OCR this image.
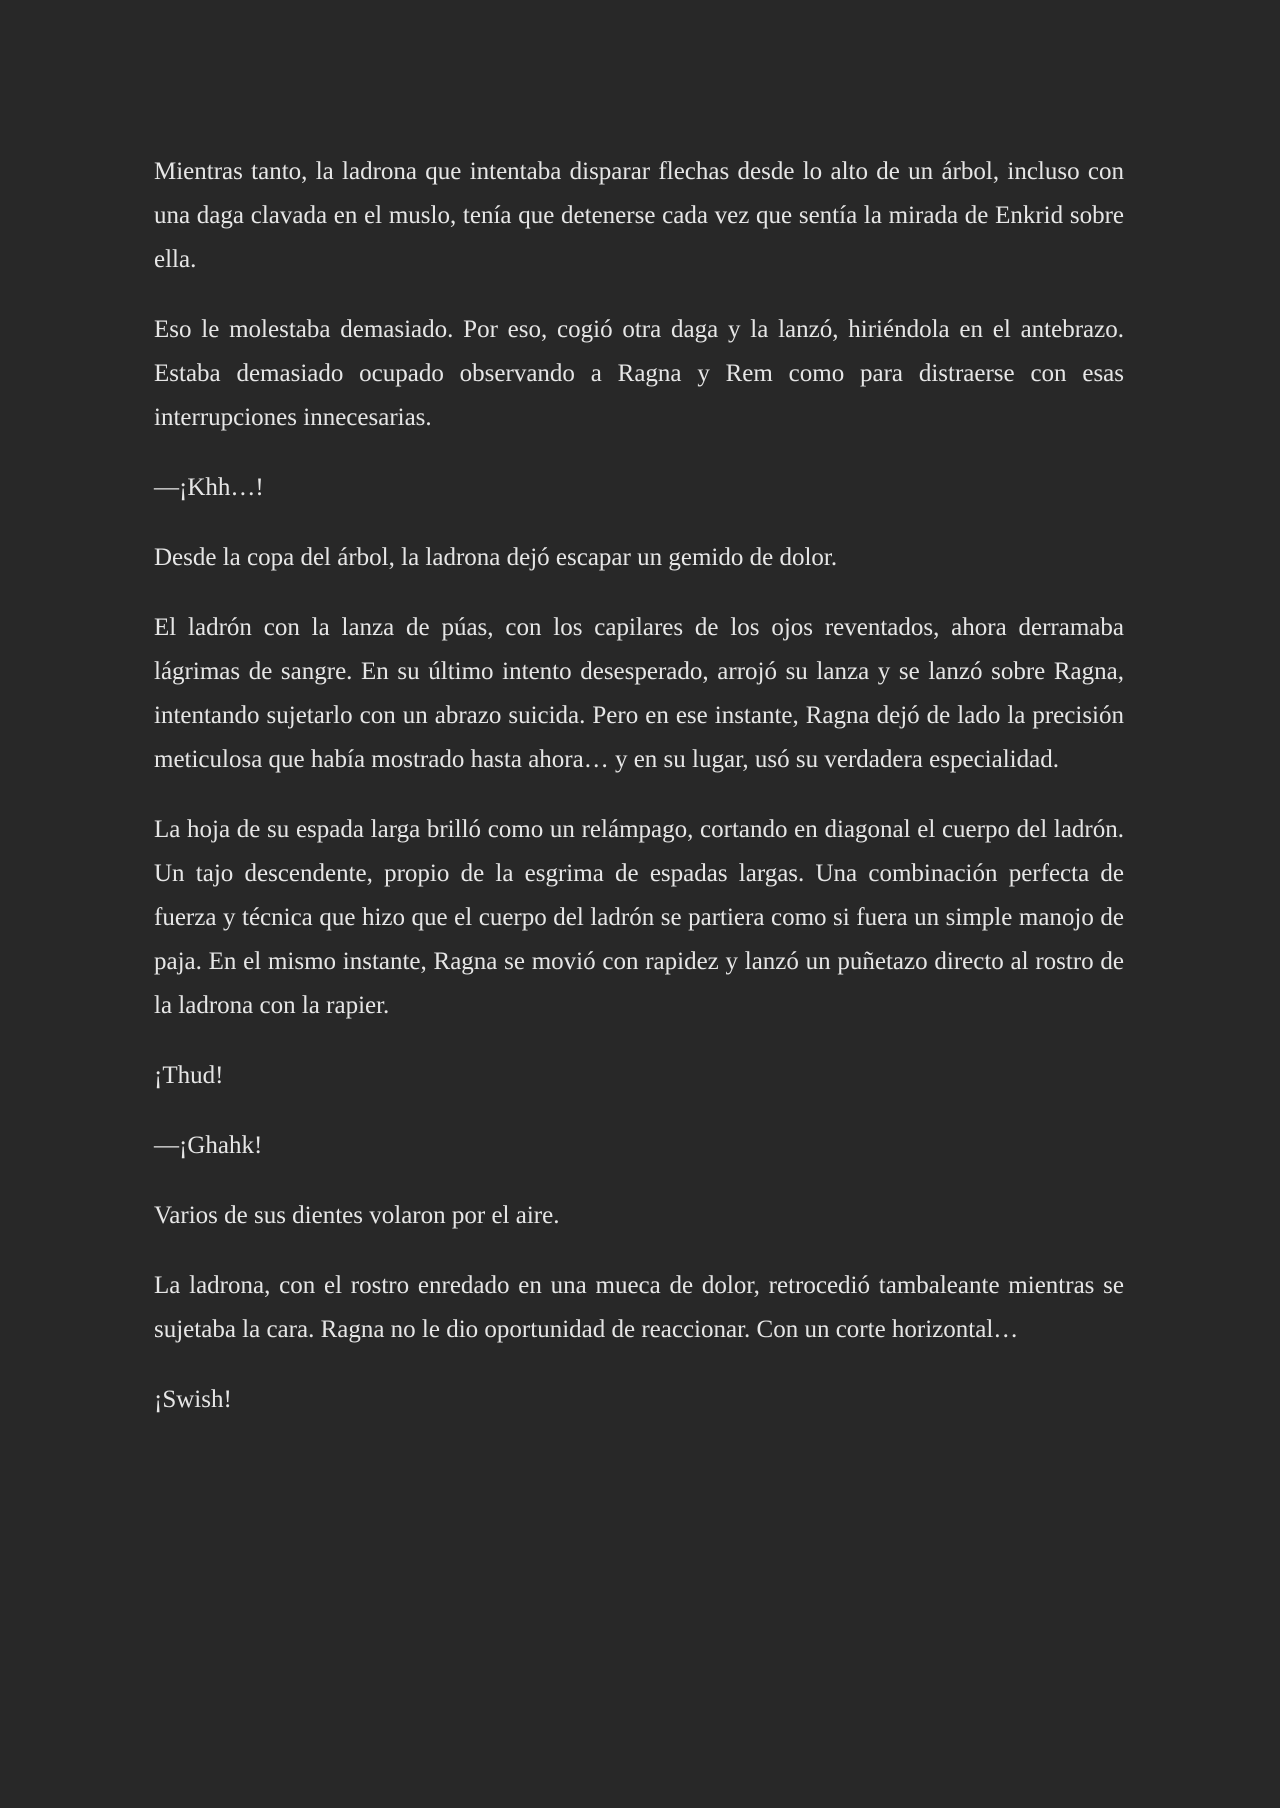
Mientras tanto, la ladrona que intentaba disparar flechas desde lo alto de un árbol, incluso con una daga clavada en el muslo, tenía que detenerse cada vez que sentía la mirada de Enkrid sobre ella.

Eso le molestaba demasiado. Por eso, cogió otra daga y la lanzó, hiriéndola en el antebrazo. Estaba demasiado ocupado observando a Ragna y Rem como para distraerse con esas interrupciones innecesarias.

—¡Khh…!

Desde la copa del árbol, la ladrona dejó escapar un gemido de dolor.

El ladrón con la lanza de púas, con los capilares de los ojos reventados, ahora derramaba lágrimas de sangre. En su último intento desesperado, arrojó su lanza y se lanzó sobre Ragna, intentando sujetarlo con un abrazo suicida. Pero en ese instante, Ragna dejó de lado la precisión meticulosa que había mostrado hasta ahora… y en su lugar, usó su verdadera especialidad.

La hoja de su espada larga brilló como un relámpago, cortando en diagonal el cuerpo del ladrón. Un tajo descendente, propio de la esgrima de espadas largas. Una combinación perfecta de fuerza y técnica que hizo que el cuerpo del ladrón se partiera como si fuera un simple manojo de paja. En el mismo instante, Ragna se movió con rapidez y lanzó un puñetazo directo al rostro de la ladrona con la rapier.

¡Thud!

—¡Ghahk!

Varios de sus dientes volaron por el aire.

La ladrona, con el rostro enredado en una mueca de dolor, retrocedió tambaleante mientras se sujetaba la cara. Ragna no le dio oportunidad de reaccionar. Con un corte horizontal…

¡Swish!
